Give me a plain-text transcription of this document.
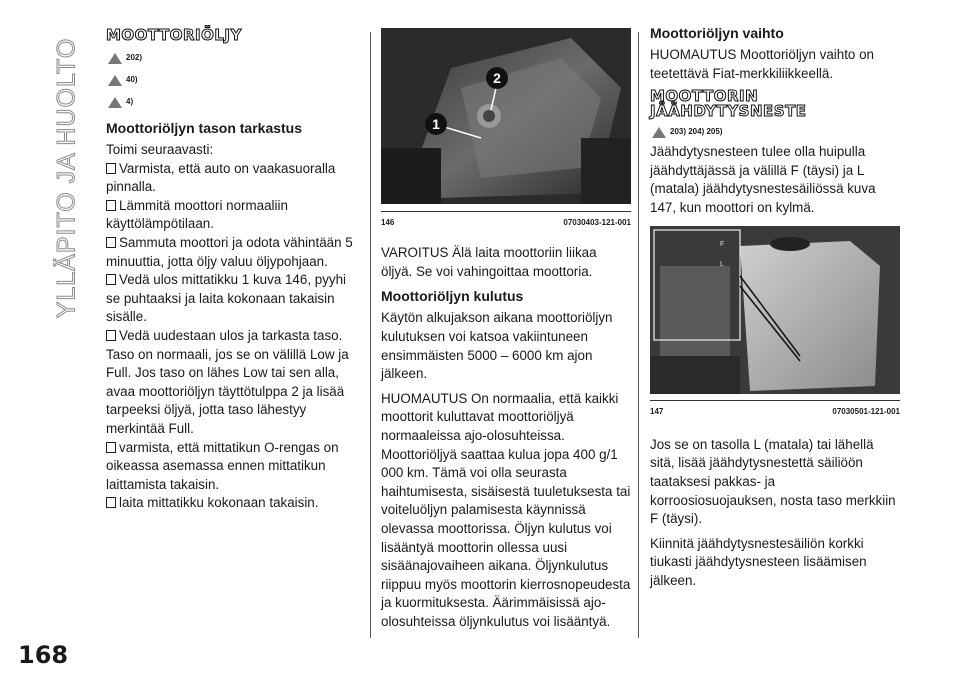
YLLÄPITO JA HUOLTO
168
MOOTTORIÖLJY
202)
40)
4)
Moottoriöljyn tason tarkastus

Toimi seuraavasti:

Varmista, että auto on vaakasuoralla pinnalla.
Lämmitä moottori normaaliin käyttölämpötilaan.
Sammuta moottori ja odota vähintään 5 minuuttia, jotta öljy valuu öljypohjaan.
Vedä ulos mittatikku 1 kuva 146, pyyhi se puhtaaksi ja laita kokonaan takaisin sisälle.
Vedä uudestaan ulos ja tarkasta taso. Taso on normaali, jos se on välillä Low ja Full. Jos taso on lähes Low tai sen alla, avaa moottoriöljyn täyttötulppa 2 ja lisää tarpeeksi öljyä, jotta taso lähestyy merkintää Full.
varmista, että mittatikun O-rengas on oikeassa asemassa ennen mittatikun laittamista takaisin.
laita mittatikku kokonaan takaisin.
1
2
146	07030403-121-001

VAROITUS Älä laita moottoriin liikaa öljyä. Se voi vahingoittaa moottoria.

Moottoriöljyn kulutus

Käytön alkujakson aikana moottoriöljyn kulutuksen voi katsoa vakiintuneen ensimmäisten 5000 – 6000 km ajon jälkeen.

HUOMAUTUS On normaalia, että kaikki moottorit kuluttavat moottoriöljyä normaaleissa ajo-olosuhteissa. Moottoriöljyä saattaa kulua jopa 400 g/1 000 km. Tämä voi olla seurasta haihtumisesta, sisäisestä tuuletuksesta tai voiteluöljyn palamisesta käynnissä olevassa moottorissa. Öljyn kulutus voi lisääntyä moottorin ollessa uusi sisäänajovaiheen aikana. Öljynkulutus riippuu myös moottorin kierrosnopeudesta ja kuormituksesta. Äärimmäisissä ajo-olosuhteissa öljynkulutus voi lisääntyä.

Moottoriöljyn vaihto

HUOMAUTUS Moottoriöljyn vaihto on teetettävä Fiat-merkkiliikkeellä.

MOOTTORIN
JÄÄHDYTYSNESTE
203) 204) 205)

Jäähdytysnesteen tulee olla huipulla jäähdyttäjässä ja välillä F (täysi) ja L (matala) jäähdytysnestesäiliössä kuva 147, kun moottori on kylmä.

F
L
147	07030501-121-001

Jos se on tasolla L (matala) tai lähellä sitä, lisää jäähdytysnestettä säiliöön taataksesi pakkas- ja korroosiosuojauksen, nosta taso merkkiin F (täysi).

Kiinnitä jäähdytysnestesäiliön korkki tiukasti jäähdytysnesteen lisäämisen jälkeen.
